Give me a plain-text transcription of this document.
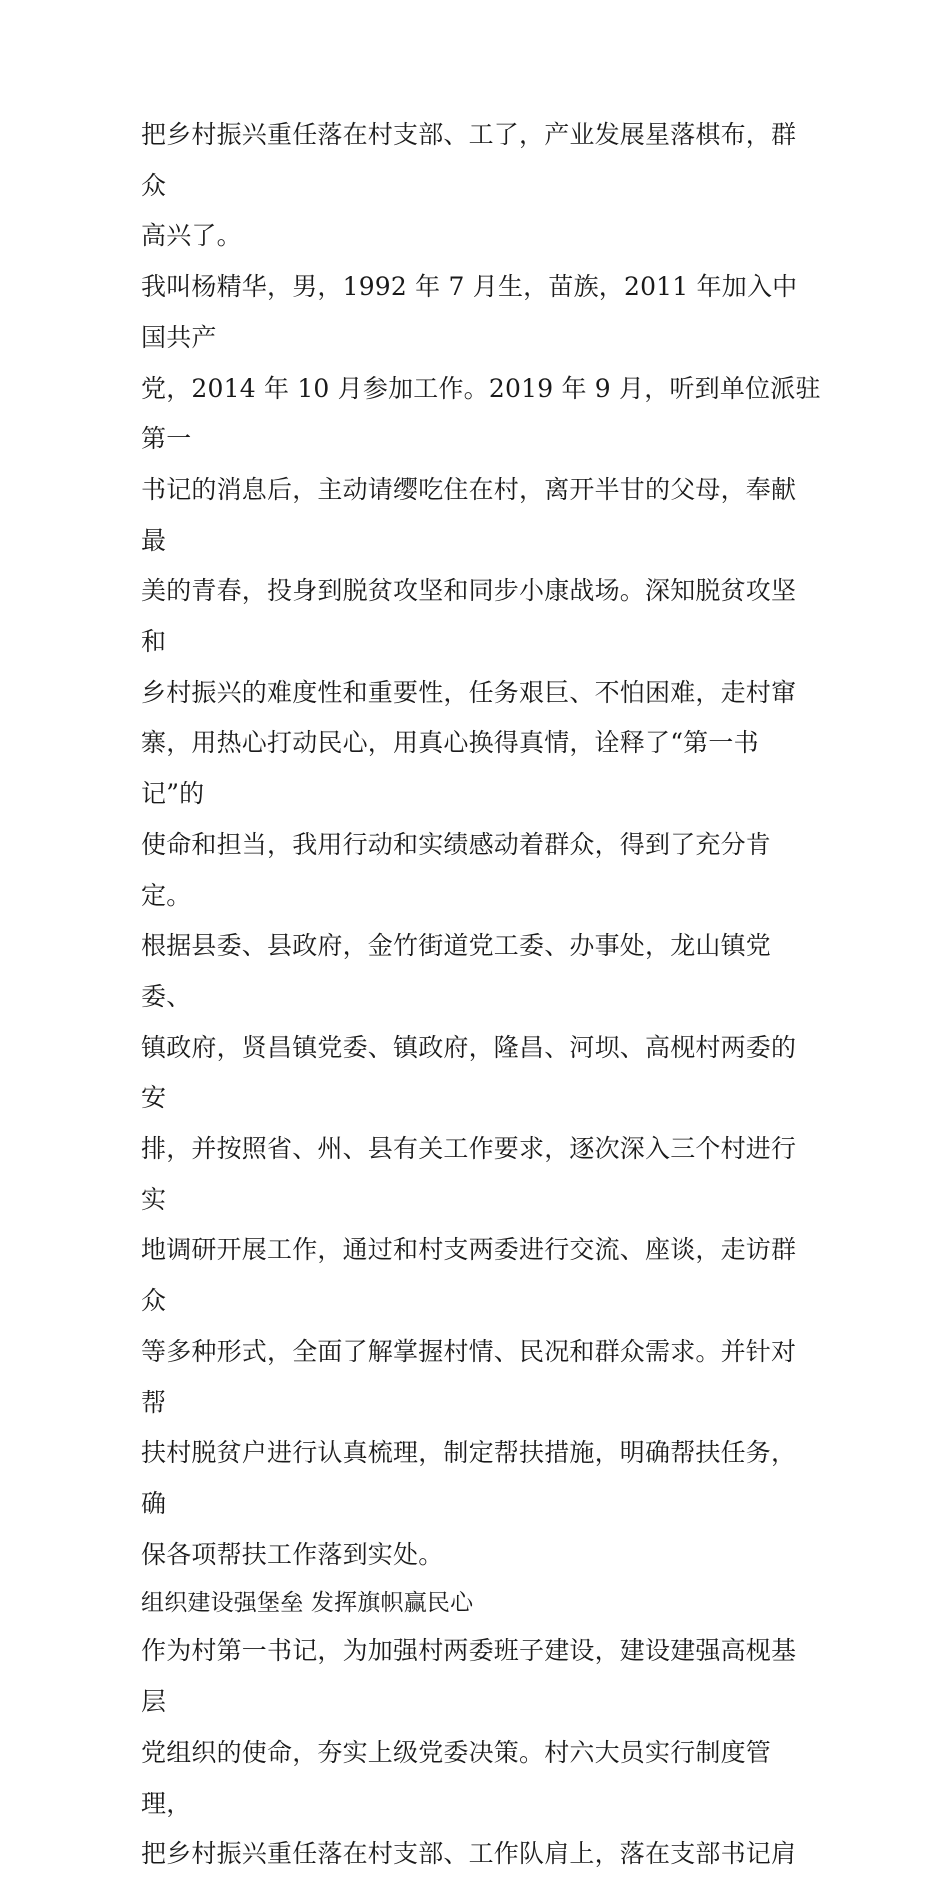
把乡村振兴重任落在村支部、工了，产业发展星落棋布，群众
高兴了。

我叫杨精华，男，1992 年 7 月生，苗族，2011 年加入中国共产
党，2014 年 10 月参加工作。2019 年 9 月，听到单位派驻第一
书记的消息后，主动请缨吃住在村，离开半甘的父母，奉献最
美的青春，投身到脱贫攻坚和同步小康战场。深知脱贫攻坚和
乡村振兴的难度性和重要性，任务艰巨、不怕困难，走村窜
寨，用热心打动民心，用真心换得真情，诠释了“第一书记”的
使命和担当，我用行动和实绩感动着群众，得到了充分肯定。
根据县委、县政府，金竹街道党工委、办事处，龙山镇党委、
镇政府，贤昌镇党委、镇政府，隆昌、河坝、高枧村两委的安
排，并按照省、州、县有关工作要求，逐次深入三个村进行实
地调研开展工作，通过和村支两委进行交流、座谈，走访群众
等多种形式，全面了解掌握村情、民况和群众需求。并针对帮
扶村脱贫户进行认真梳理，制定帮扶措施，明确帮扶任务，确
保各项帮扶工作落到实处。

组织建设强堡垒 发挥旗帜赢民心

作为村第一书记，为加强村两委班子建设，建设建强高枧基层
党组织的使命，夯实上级党委决策。村六大员实行制度管理，
把乡村振兴重任落在村支部、工作队肩上，落在支部书记肩
